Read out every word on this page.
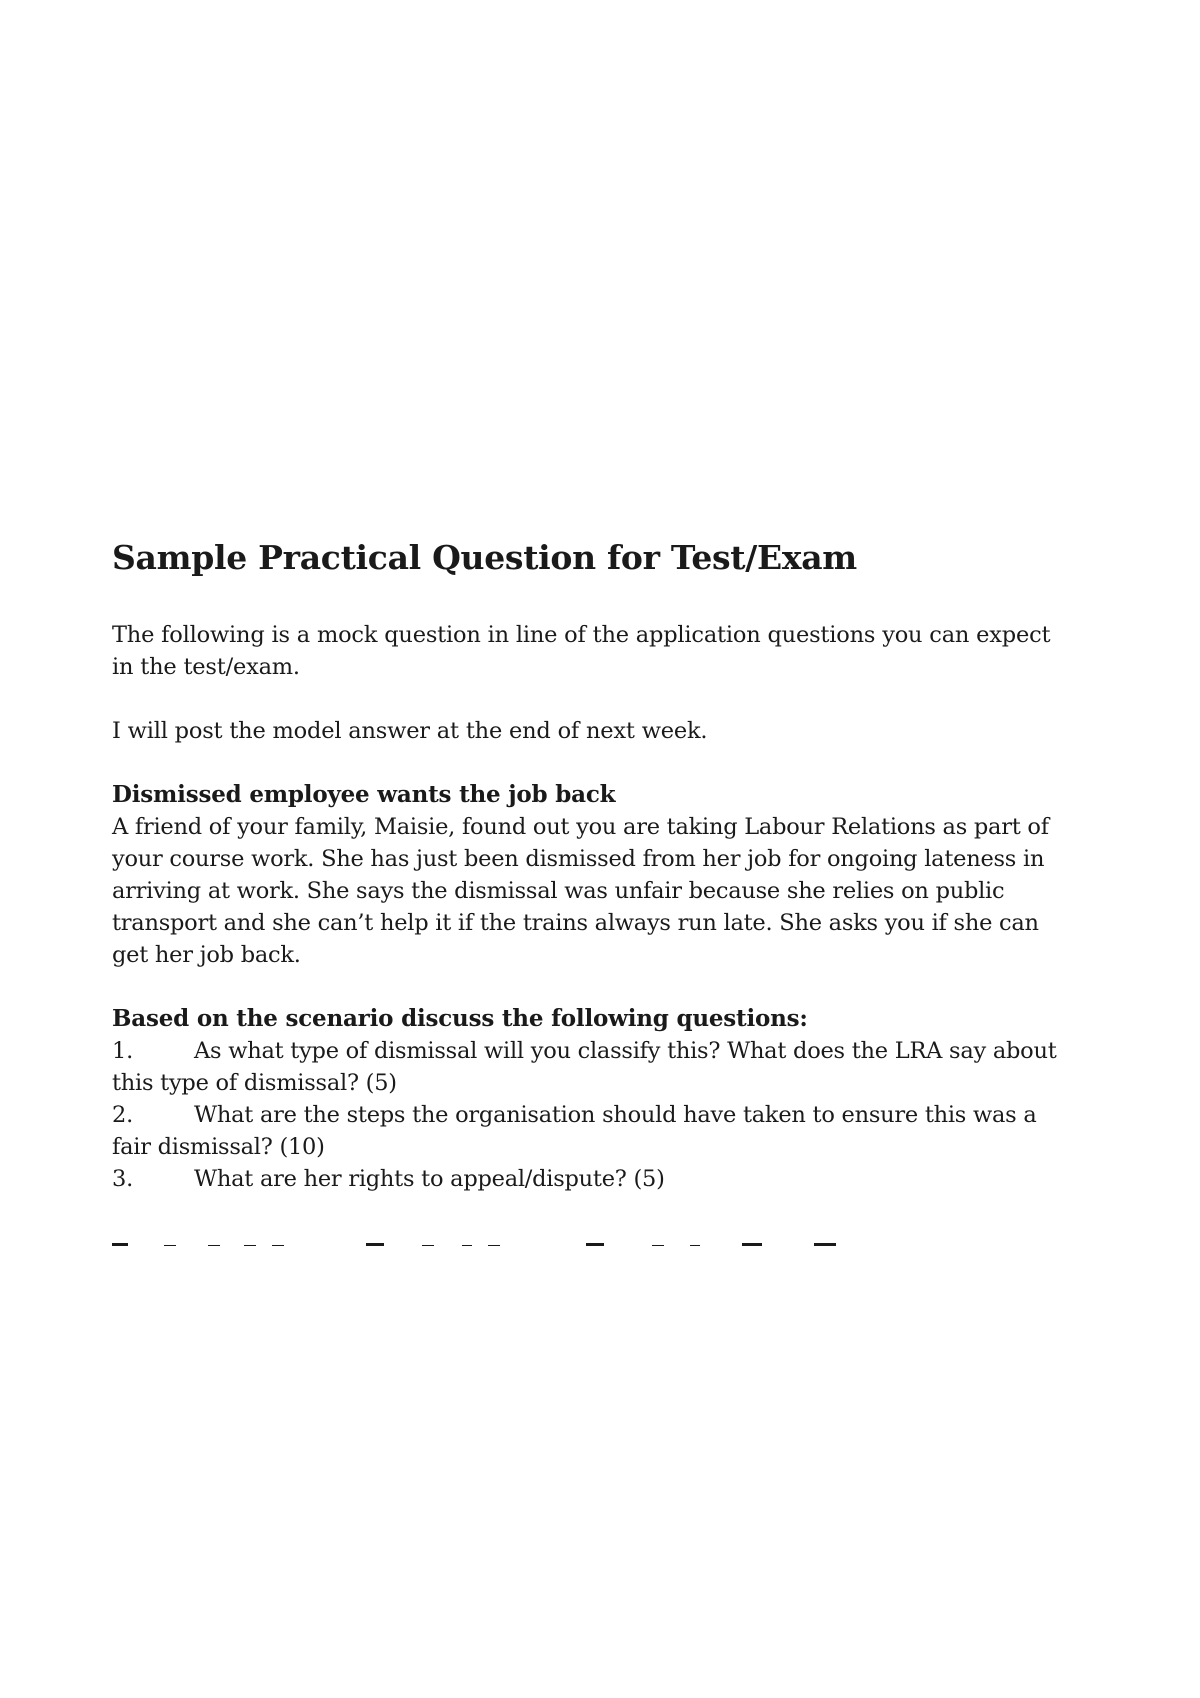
Sample Practical Question for Test/Exam

The following is a mock question in line of the application questions you can expect in the test/exam.

I will post the model answer at the end of next week.

Dismissed employee wants the job back

A friend of your family, Maisie, found out you are taking Labour Relations as part of your course work. She has just been dismissed from her job for ongoing lateness in arriving at work. She says the dismissal was unfair because she relies on public transport and she can’t help it if the trains always run late. She asks you if she can get her job back.

Based on the scenario discuss the following questions:

1.	As what type of dismissal will you classify this? What does the LRA say about this type of dismissal? (5)
2.	What are the steps the organisation should have taken to ensure this was a fair dismissal? (10)
3.	What are her rights to appeal/dispute? (5)
